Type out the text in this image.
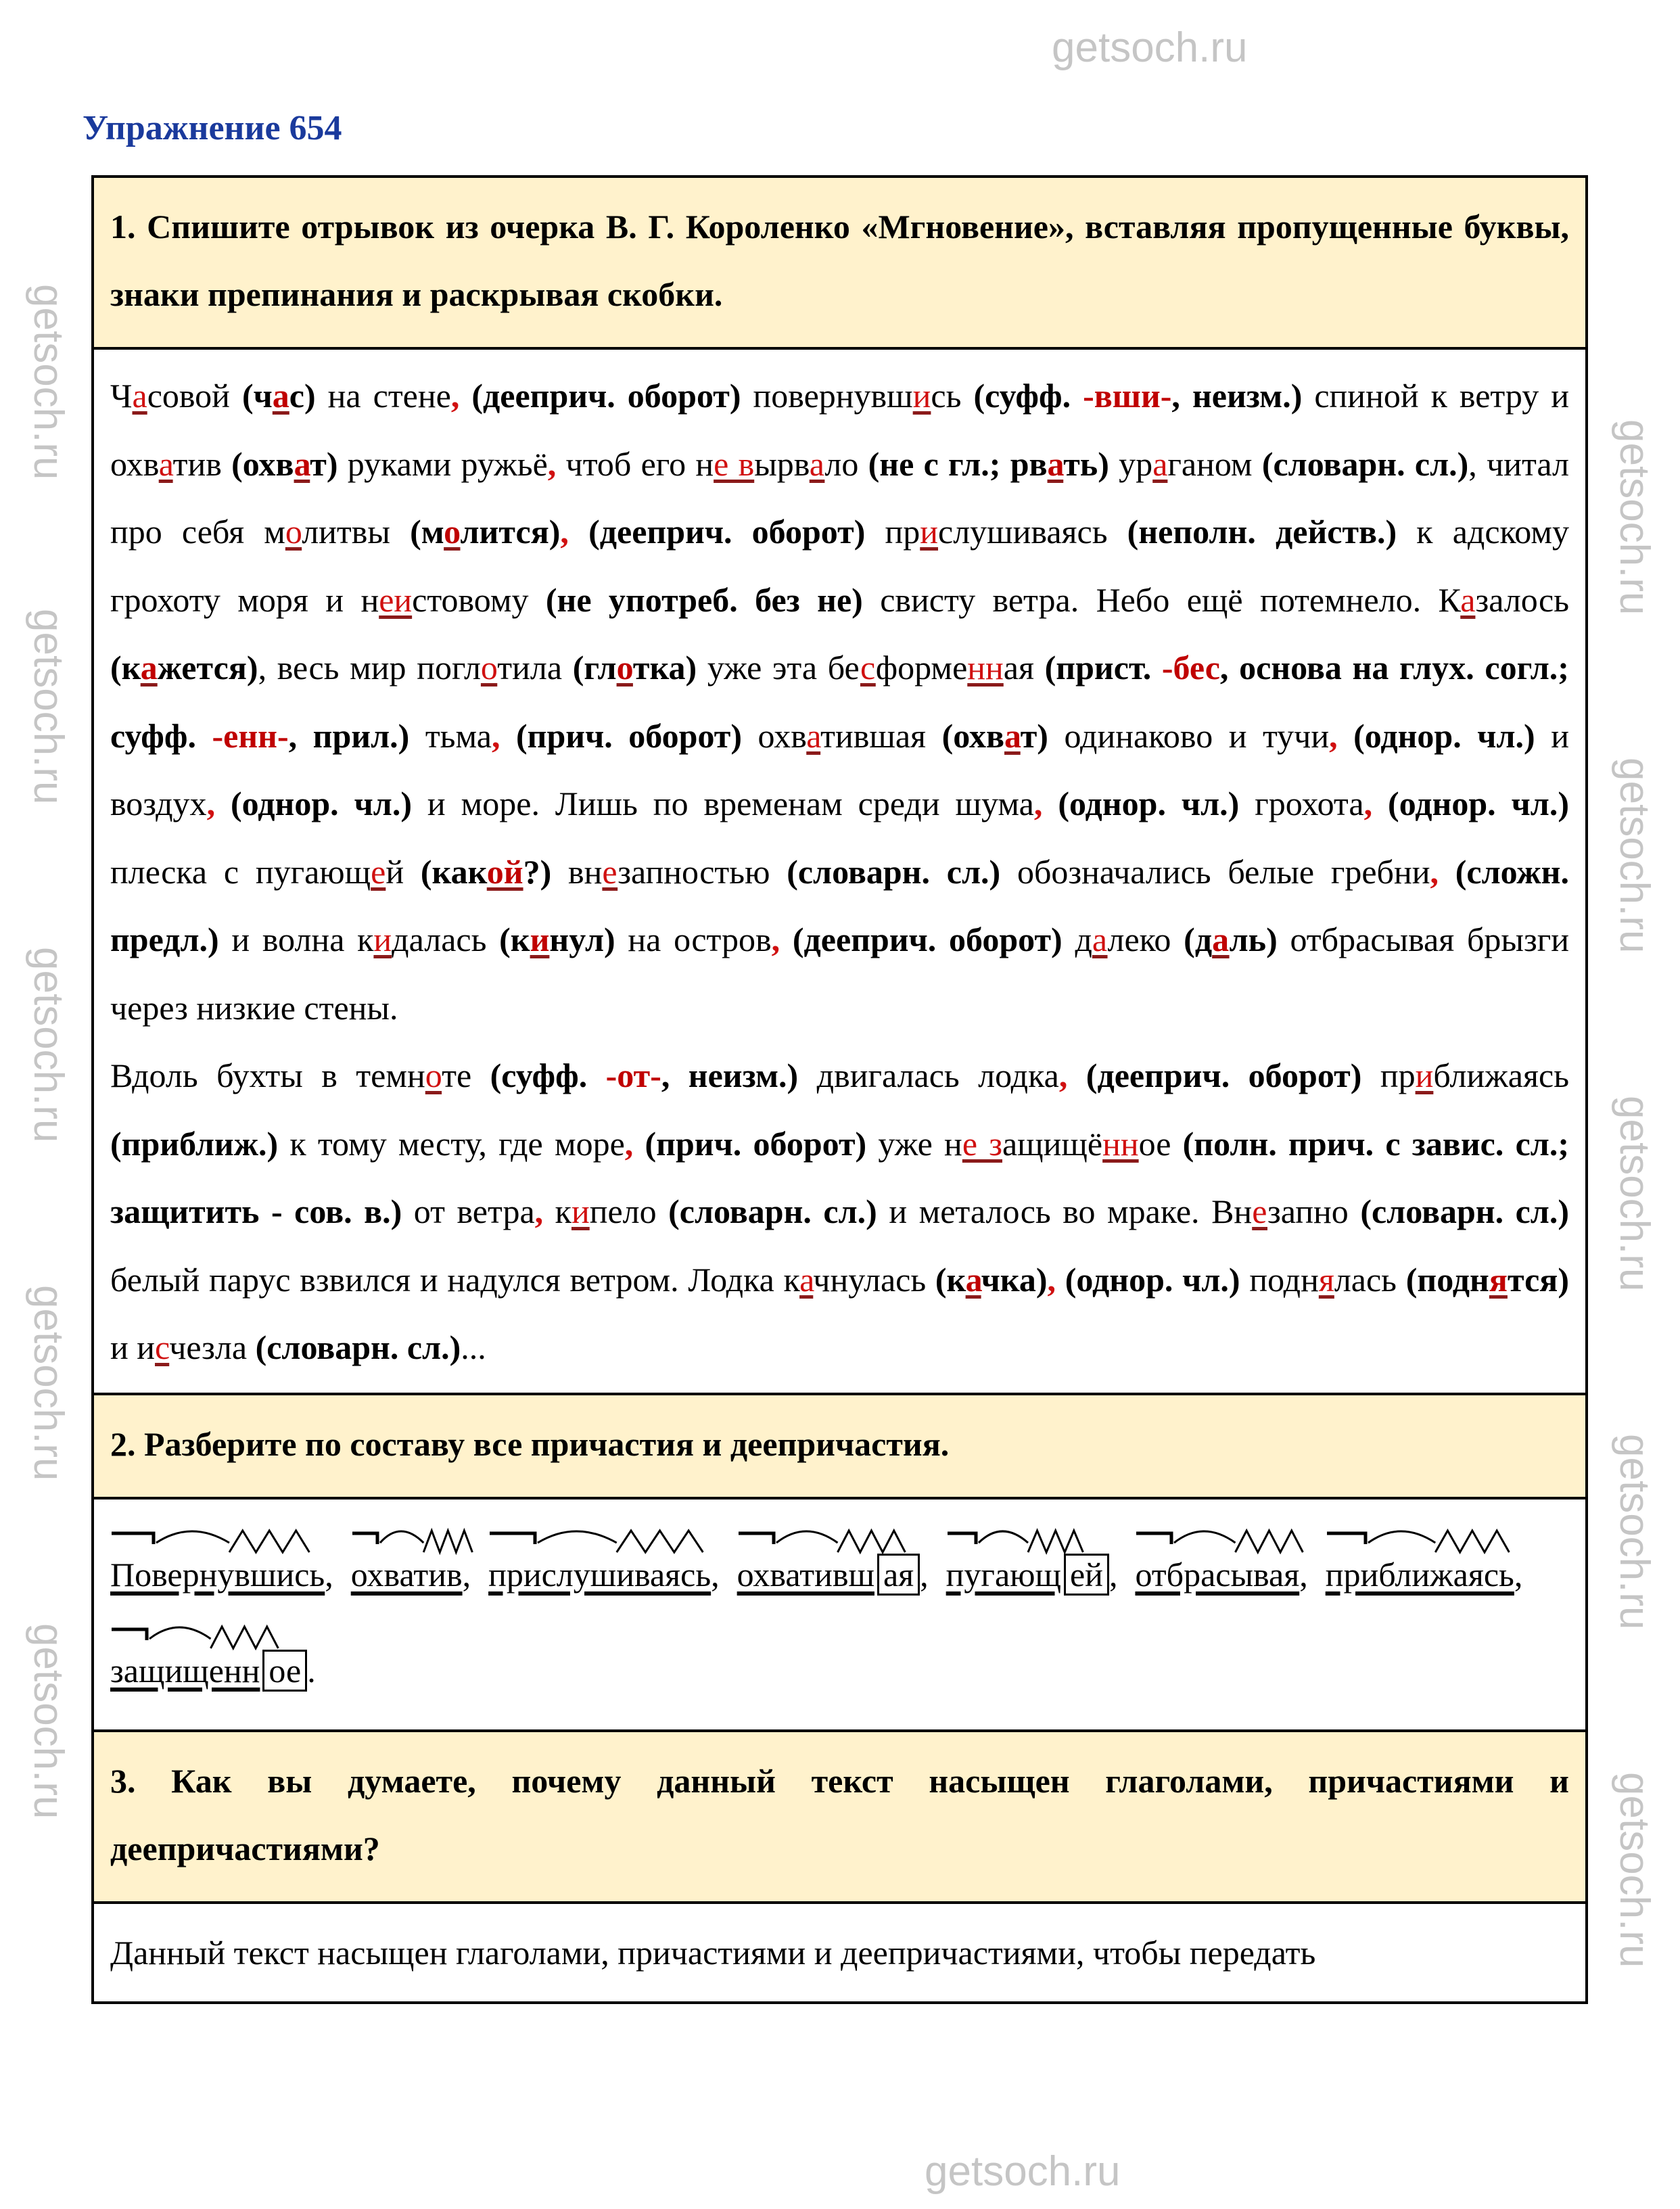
Упражнение 654
1. Спишите отрывок из очерка В. Г. Короленко «Мгновение», вставляя пропущенные буквы, знаки препинания и раскрывая скобки.

Часовой (час) на стене, (дееприч. оборот) повернувшись (суфф. -вши-, неизм.) спиной к ветру и охватив (охват) руками ружьё, чтоб его не вырвало (не с гл.; рвать) ураганом (словарн. сл.), читал про себя молитвы (молится), (дееприч. оборот) прислушиваясь (неполн. действ.) к адскому грохоту моря и неистовому (не употреб. без не) свисту ветра. Небо ещё потемнело. Казалось (кажется), весь мир поглотила (глотка) уже эта бесформенная (прист. -бес, основа на глух. согл.; суфф. -енн-, прил.) тьма, (прич. оборот) охватившая (охват) одинаково и тучи, (однор. чл.) и воздух, (однор. чл.) и море. Лишь по временам среди шума, (однор. чл.) грохота, (однор. чл.) плеска с пугающей (какой?) внезапностью (словарн. сл.) обозначались белые гребни, (сложн. предл.) и волна кидалась (кинул) на остров, (дееприч. оборот) далеко (даль) отбрасывая брызги через низкие стены.

Вдоль бухты в темноте (суфф. -от-, неизм.) двигалась лодка, (дееприч. оборот) приближаясь (приближ.) к тому месту, где море, (прич. оборот) уже не защищённое (полн. прич. с завис. сл.; защитить - сов. в.) от ветра, кипело (словарн. сл.) и металось во мраке. Внезапно (словарн. сл.) белый парус взвился и надулся ветром. Лодка качнулась (качка), (однор. чл.) поднялась (поднятся) и исчезла (словарн. сл.)...

2. Разберите по составу все причастия и деепричастия.
Повернувшись, охватив, прислушиваясь, охвативш ая , пугающ ей , отбрасывая, приближаясь,
защищенн ое .
3. Как вы думаете, почему данный текст насыщен глаголами, причастиями и деепричастиями?
Данный текст насыщен глаголами, причастиями и деепричастиями, чтобы передать
getsoch.ru
getsoch.ru
getsoch.ru
getsoch.ru
getsoch.ru
getsoch.ru
getsoch.ru
getsoch.ru
getsoch.ru
getsoch.ru
getsoch.ru
getsoch.ru
